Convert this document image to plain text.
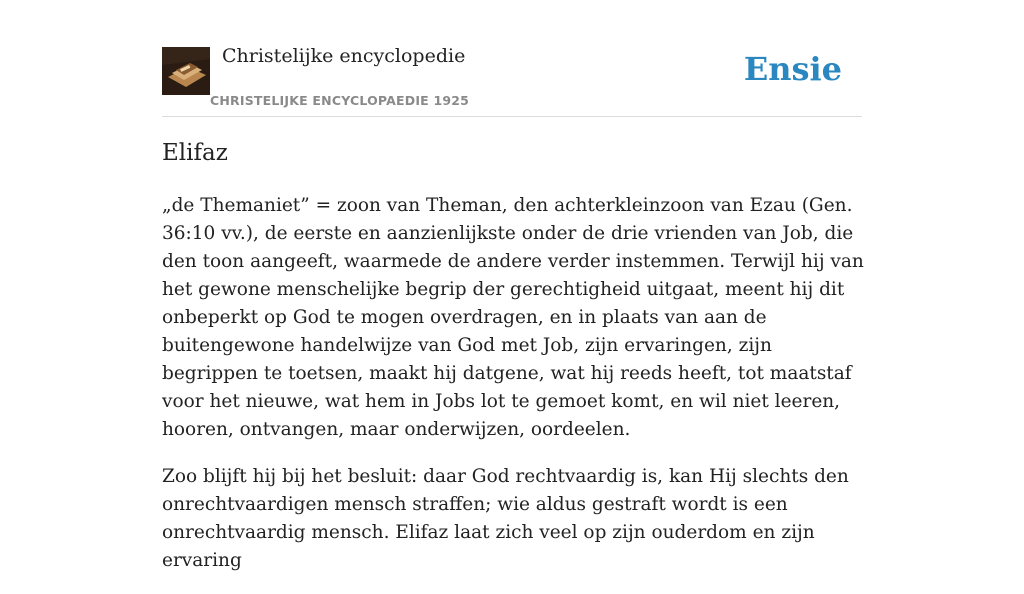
Christelijke encyclopedie
CHRISTELIJKE ENCYCLOPAEDIE 1925
Ensie
Elifaz

„de Themaniet” = zoon van Theman, den achterkleinzoon van Ezau (Gen. 36:10 vv.), de eerste en aanzienlijkste onder de drie vrienden van Job, die den toon aangeeft, waarmede de andere verder instemmen. Terwijl hij van het gewone menschelijke begrip der gerechtigheid uitgaat, meent hij dit onbeperkt op God te mogen overdragen, en in plaats van aan de buitengewone handelwijze van God met Job, zijn ervaringen, zijn begrippen te toetsen, maakt hij datgene, wat hij reeds heeft, tot maatstaf voor het nieuwe, wat hem in Jobs lot te gemoet komt, en wil niet leeren, hooren, ontvangen, maar onderwijzen, oordeelen.

Zoo blijft hij bij het besluit: daar God rechtvaardig is, kan Hij slechts den onrechtvaardigen mensch straffen; wie aldus gestraft wordt is een onrechtvaardig mensch. Elifaz laat zich veel op zijn ouderdom en zijn ervaring
